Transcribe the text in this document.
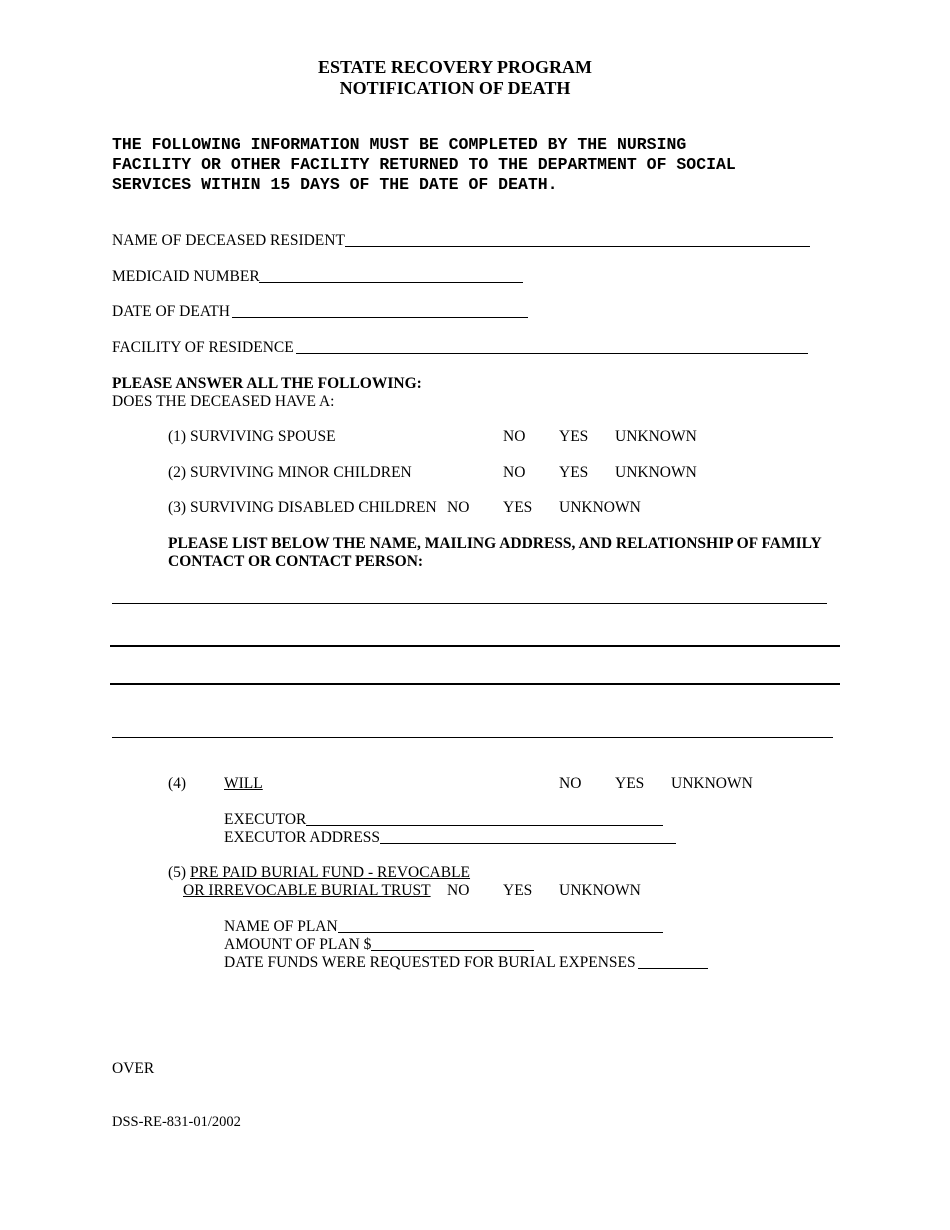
ESTATE RECOVERY PROGRAM
NOTIFICATION OF DEATH
THE FOLLOWING INFORMATION MUST BE COMPLETED BY THE NURSING
FACILITY OR OTHER FACILITY RETURNED TO THE DEPARTMENT OF SOCIAL
SERVICES WITHIN 15 DAYS OF THE DATE OF DEATH.
NAME OF DECEASED RESIDENT
MEDICAID NUMBER
DATE OF DEATH
FACILITY OF RESIDENCE
PLEASE ANSWER ALL THE FOLLOWING:
DOES THE DECEASED HAVE A:
(1) SURVIVING SPOUSE	NO YES UNKNOWN
(2) SURVIVING MINOR CHILDREN	NO YES UNKNOWN
(3) SURVIVING DISABLED CHILDREN NO YES UNKNOWN
PLEASE LIST BELOW THE NAME, MAILING ADDRESS, AND RELATIONSHIP OF FAMILY
CONTACT OR CONTACT PERSON:
(4) WILL	NO YES UNKNOWN
EXECUTOR
EXECUTOR ADDRESS
(5) PRE PAID BURIAL FUND - REVOCABLE
OR IRREVOCABLE BURIAL TRUST NO YES UNKNOWN
NAME OF PLAN
AMOUNT OF PLAN $
DATE FUNDS WERE REQUESTED FOR BURIAL EXPENSES
OVER
DSS-RE-831-01/2002
